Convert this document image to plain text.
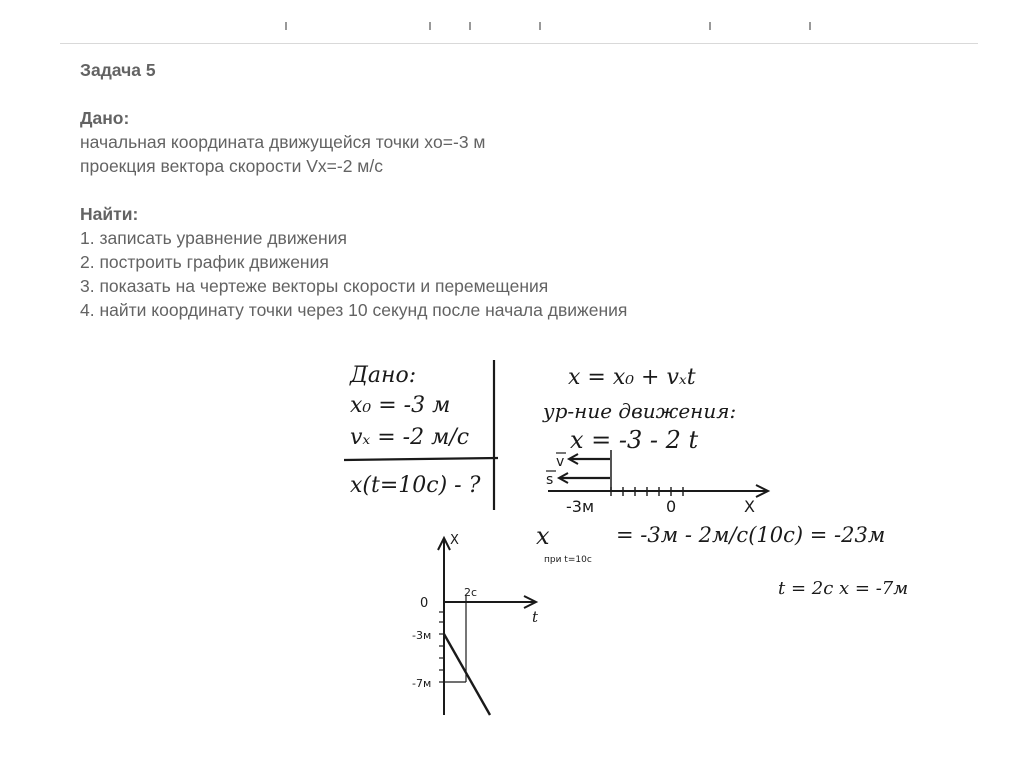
Задача 5
Дано:
начальная координата движущейся точки xo=-3 м
проекция вектора скорости Vx=-2 м/с
Найти:
1. записать уравнение движения
2. построить график движения
3. показать на чертеже векторы скорости и перемещения
4. найти координату точки через 10 секунд после начала движения
Дано:
x₀ = -3 м
vₓ = -2 м/с
x(t=10c) - ?
x = x₀ + vₓt
ур-ние движения:
x = -3 - 2 t
v
s
-3м	0	X
x
при t=10c
= -3м - 2м/с(10с) = -23м
t = 2с x = -7м
X
t
0
2с
-3м
-7м
